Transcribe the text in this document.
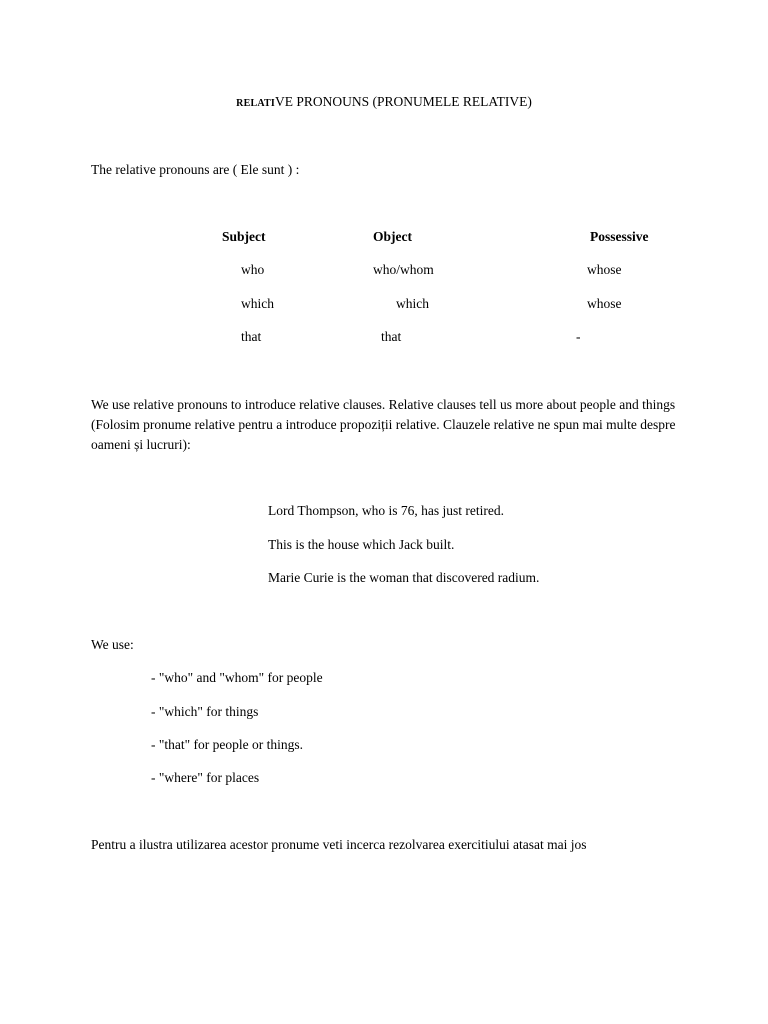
RELATIVE PRONOUNS (PRONUMELE RELATIVE)
The relative pronouns are ( Ele sunt ) :
Subject	Object	Possessive
who	who/whom	whose
which	which	whose
that	that	-
We use relative pronouns to introduce relative clauses. Relative clauses tell us more about people and things (Folosim pronume relative pentru a introduce propoziții relative. Clauzele relative ne spun mai multe despre oameni și lucruri):
Lord Thompson, who is 76, has just retired.
This is the house which Jack built.
Marie Curie is the woman that discovered radium.
We use:
- "who" and "whom" for people
- "which" for things
- "that" for people or things.
- "where" for places
Pentru a ilustra utilizarea acestor pronume veti incerca rezolvarea exercitiului atasat mai jos
